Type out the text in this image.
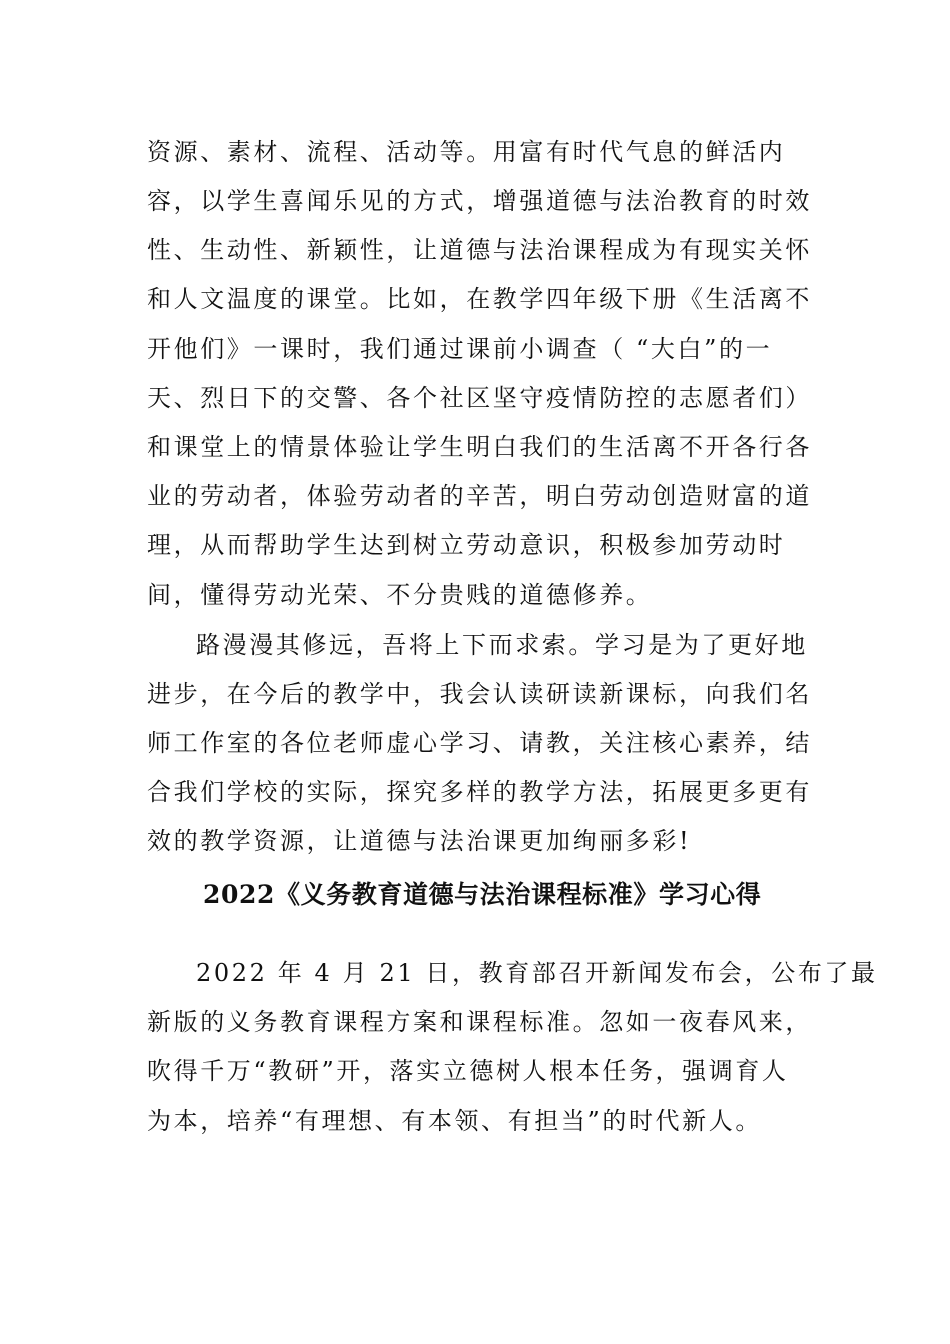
资源、素材、流程、活动等。用富有时代气息的鲜活内
容，以学生喜闻乐见的方式，增强道德与法治教育的时效
性、生动性、新颖性，让道德与法治课程成为有现实关怀
和人文温度的课堂。比如，在教学四年级下册《生活离不
开他们》一课时，我们通过课前小调查（ “大白”的一
天、烈日下的交警、各个社区坚守疫情防控的志愿者们）
和课堂上的情景体验让学生明白我们的生活离不开各行各
业的劳动者，体验劳动者的辛苦，明白劳动创造财富的道
理，从而帮助学生达到树立劳动意识，积极参加劳动时
间，懂得劳动光荣、不分贵贱的道德修养。
路漫漫其修远，吾将上下而求索。学习是为了更好地
进步，在今后的教学中，我会认读研读新课标，向我们名
师工作室的各位老师虚心学习、请教，关注核心素养，结
合我们学校的实际，探究多样的教学方法，拓展更多更有
效的教学资源，让道德与法治课更加绚丽多彩!
2022《义务教育道德与法治课程标准》学习心得
2022 年 4 月 21 日，教育部召开新闻发布会，公布了最
新版的义务教育课程方案和课程标准。忽如一夜春风来，
吹得千万“教研”开，落实立德树人根本任务，强调育人
为本，培养“有理想、有本领、有担当”的时代新人。
